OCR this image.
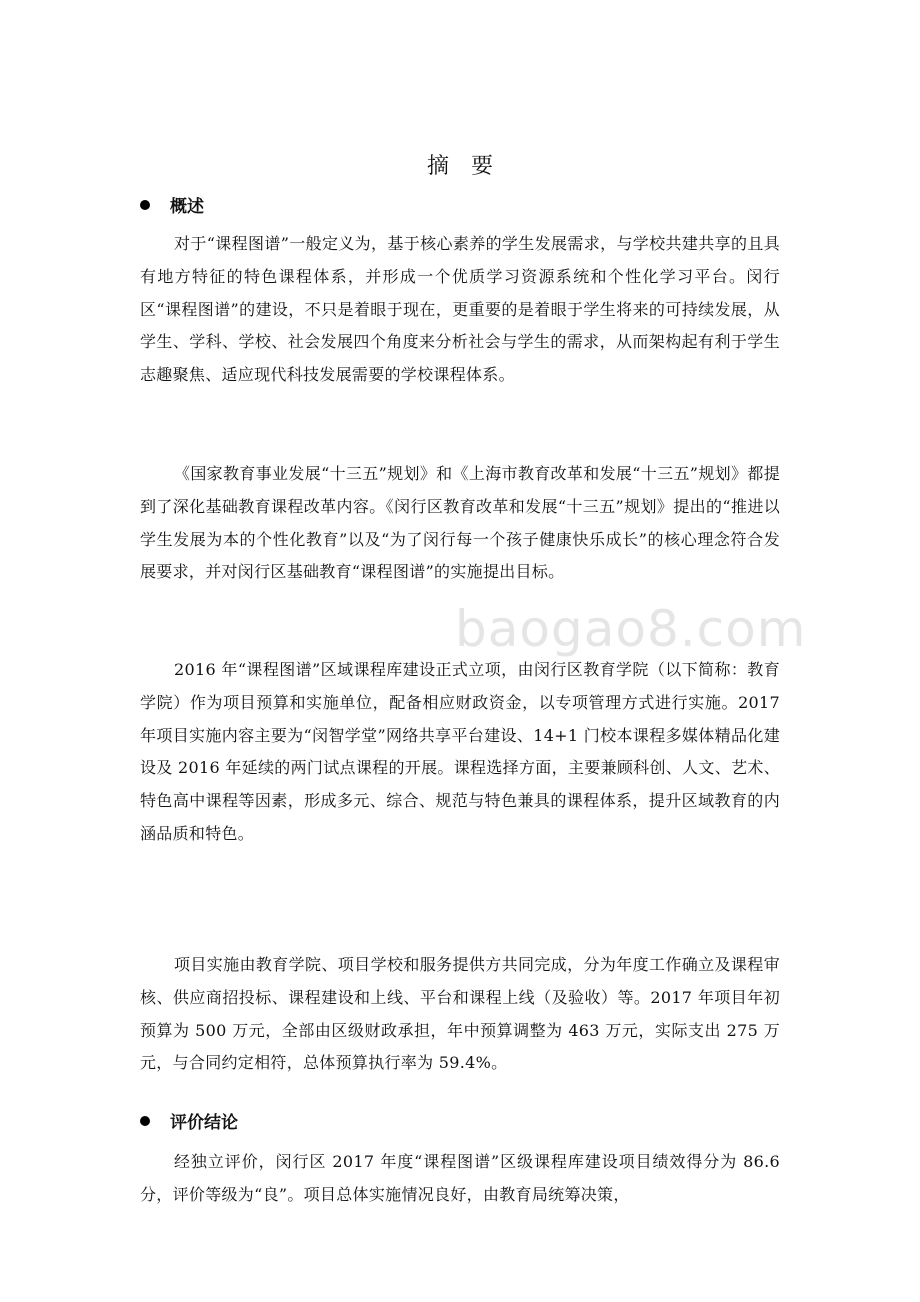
baogao8.com
摘要
概述

对于“课程图谱”一般定义为，基于核心素养的学生发展需求，与学校共建共享的且具有地方特征的特色课程体系，并形成一个优质学习资源系统和个性化学习平台。闵行区“课程图谱”的建设，不只是着眼于现在，更重要的是着眼于学生将来的可持续发展，从学生、学科、学校、社会发展四个角度来分析社会与学生的需求，从而架构起有利于学生志趣聚焦、适应现代科技发展需要的学校课程体系。

《国家教育事业发展“十三五”规划》和《上海市教育改革和发展“十三五”规划》都提到了深化基础教育课程改革内容。《闵行区教育改革和发展“十三五”规划》提出的“推进以学生发展为本的个性化教育”以及“为了闵行每一个孩子健康快乐成长”的核心理念符合发展要求，并对闵行区基础教育“课程图谱”的实施提出目标。

2016 年“课程图谱”区域课程库建设正式立项，由闵行区教育学院（以下简称：教育学院）作为项目预算和实施单位，配备相应财政资金，以专项管理方式进行实施。2017 年项目实施内容主要为“闵智学堂”网络共享平台建设、14+1 门校本课程多媒体精品化建设及 2016 年延续的两门试点课程的开展。课程选择方面，主要兼顾科创、人文、艺术、特色高中课程等因素，形成多元、综合、规范与特色兼具的课程体系，提升区域教育的内涵品质和特色。

项目实施由教育学院、项目学校和服务提供方共同完成，分为年度工作确立及课程审核、供应商招投标、课程建设和上线、平台和课程上线（及验收）等。2017 年项目年初预算为 500 万元，全部由区级财政承担，年中预算调整为 463 万元，实际支出 275 万元，与合同约定相符，总体预算执行率为 59.4%。

评价结论

经独立评价，闵行区 2017 年度“课程图谱”区级课程库建设项目绩效得分为 86.6 分，评价等级为“良”。项目总体实施情况良好，由教育局统筹决策，
